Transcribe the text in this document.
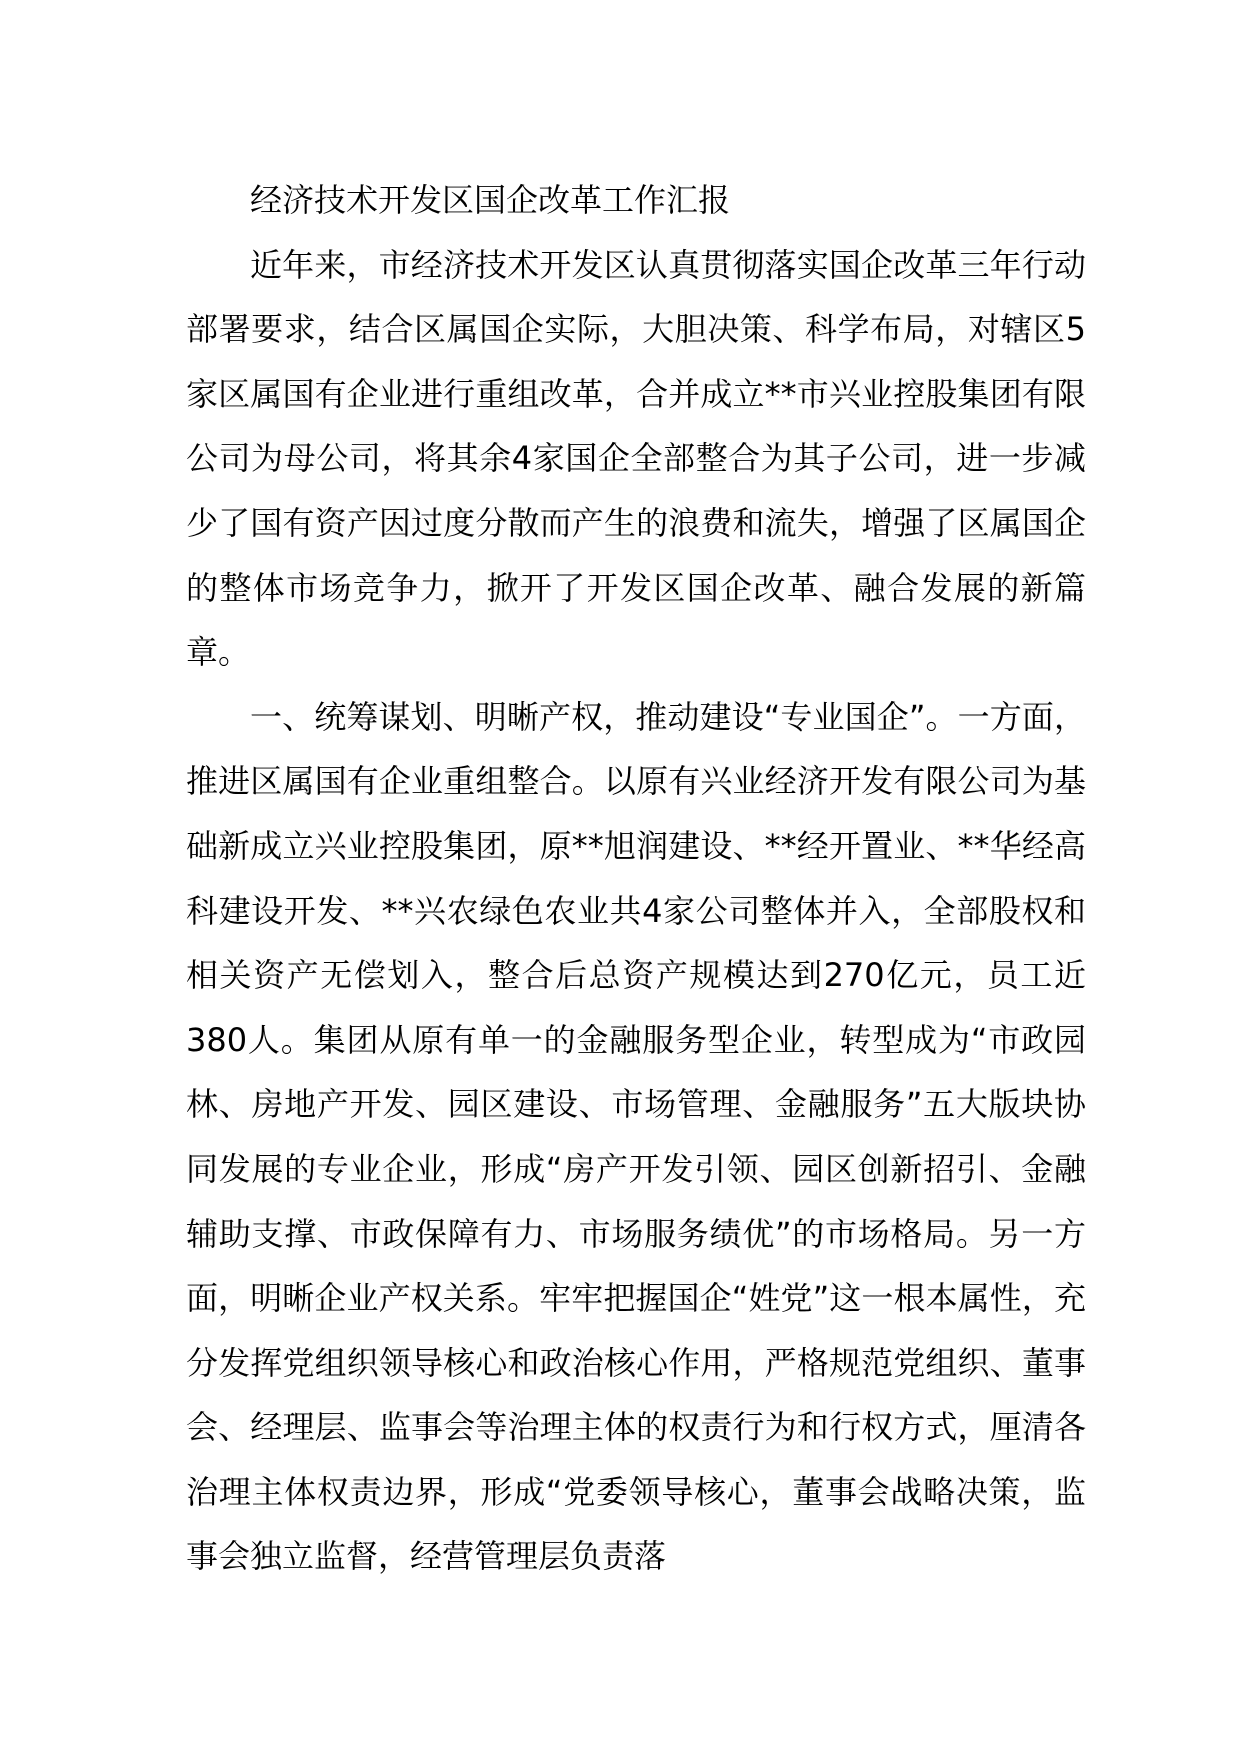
经济技术开发区国企改革工作汇报

近年来，市经济技术开发区认真贯彻落实国企改革三年行动部署要求，结合区属国企实际，大胆决策、科学布局，对辖区5家区属国有企业进行重组改革，合并成立**市兴业控股集团有限公司为母公司，将其余4家国企全部整合为其子公司，进一步减少了国有资产因过度分散而产生的浪费和流失，增强了区属国企的整体市场竞争力，掀开了开发区国企改革、融合发展的新篇章。

一、统筹谋划、明晰产权，推动建设“专业国企”。一方面，推进区属国有企业重组整合。以原有兴业经济开发有限公司为基础新成立兴业控股集团，原**旭润建设、**经开置业、**华经高科建设开发、**兴农绿色农业共4家公司整体并入，全部股权和相关资产无偿划入，整合后总资产规模达到270亿元，员工近380人。集团从原有单一的金融服务型企业，转型成为“市政园林、房地产开发、园区建设、市场管理、金融服务”五大版块协同发展的专业企业，形成“房产开发引领、园区创新招引、金融辅助支撑、市政保障有力、市场服务绩优”的市场格局。另一方面，明晰企业产权关系。牢牢把握国企“姓党”这一根本属性，充分发挥党组织领导核心和政治核心作用，严格规范党组织、董事会、经理层、监事会等治理主体的权责行为和行权方式，厘清各治理主体权责边界，形成“党委领导核心，董事会战略决策，监事会独立监督，经营管理层负责落
